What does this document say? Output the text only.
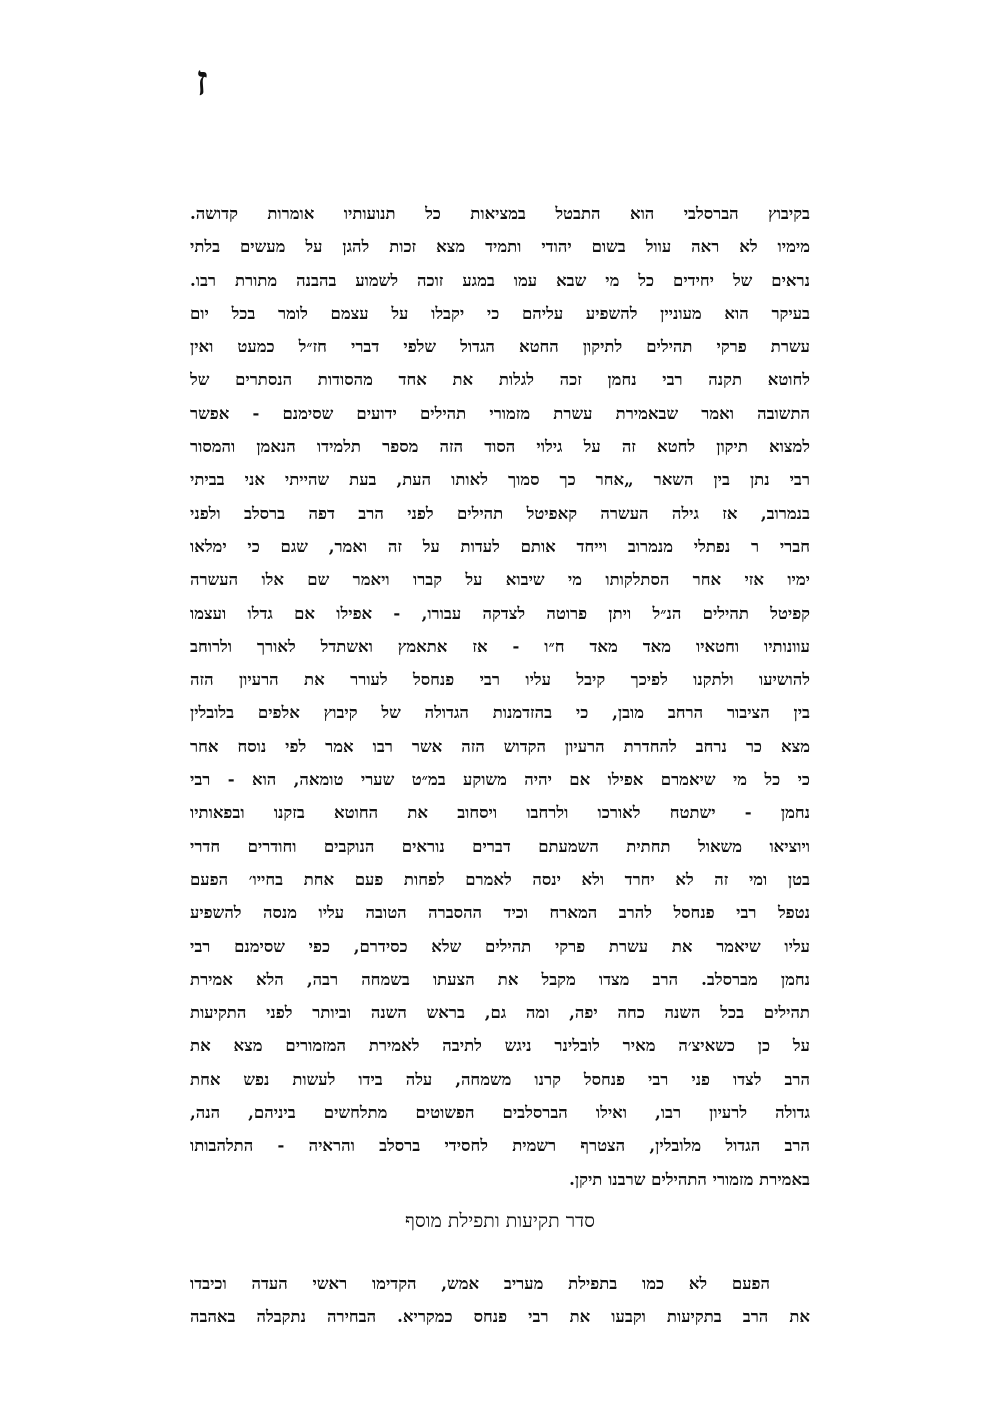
ז
בקיבוץ הברסלבי הוא התבטל במציאות כל תנועותיו אומרות קדושה.
מימיו לא ראה עוול בשום יהודי ותמיד מצא זכות להגן על מעשים בלתי
נראים של יחידים כל מי שבא עמו במגע זוכה לשמוע בהבנה מתורת רבו.
בעיקר הוא מעוניין להשפיע עליהם כי יקבלו על עצמם לומר בכל יום
עשרת פרקי תהילים לתיקון החטא הגדול שלפי דברי חז״ל כמעט ואין
לחוטא תקנה רבי נחמן זכה לגלות את אחד מהסודות הנסתרים של
התשובה ואמר שבאמירת עשרת מזמורי תהילים ידועים שסימנם - אפשר
למצוא תיקון לחטא זה על גילוי הסוד הזה מספר תלמידו הנאמן והמסור
רבי נתן בין השאר „אחר כך סמוך לאותו העת, בעת שהייתי אני בביתי
בנמרוב, אז גילה העשרה קאפיטל תהילים לפני הרב דפה ברסלב ולפני
חברי ר נפתלי מנמרוב וייחד אותם לעדות על זה ואמר, שגם כי ימלאו
ימיו אזי אחר הסתלקותו מי שיבוא על קברו ויאמר שם אלו העשרה
קפיטל תהילים הנ״ל ויתן פרוטה לצדקה עבורו, - אפילו אם גדלו ועצמו
עוונותיו וחטאיו מאד מאד ח״ו - אז אתאמץ ואשתדל לאורך ולרוחב
להושיעו ולתקנו לפיכך קיבל עליו רבי פנחסל לעורר את הרעיון הזה
בין הציבור הרחב מובן, כי בהזדמנות הגדולה של קיבוץ אלפים בלובלין
מצא כר נרחב להחדרת הרעיון הקדוש הזה אשר רבו אמר לפי נוסח אחר
כי כל מי שיאמרם אפילו אם יהיה משוקע במ״ט שערי טומאה, הוא - רבי
נחמן - ישתטח לאורכו ולרחבו ויסחוב את החוטא בזקנו ובפאותיו
ויוציאו משאול תחתית השמעתם דברים נוראים הנוקבים וחודרים חדרי
בטן ומי זה לא יחרד ולא ינסה לאמרם לפחות פעם אחת בחייו׳ הפעם
נטפל רבי פנחסל להרב המארח וכיד ההסברה הטובה עליו מנסה להשפיע
עליו שיאמר את עשרת פרקי תהילים שלא כסידרם, כפי שסימנם רבי
נחמן מברסלב. הרב מצדו מקבל את הצעתו בשמחה רבה, הלא אמירת
תהילים בכל השנה כחה יפה, ומה גם, בראש השנה וביותר לפני התקיעות
על כן כשאיצ׳ה מאיר לובלינר ניגש לתיבה לאמירת המזמורים מצא את
הרב לצדו פני רבי פנחסל קרנו משמחה, עלה בידו לעשות נפש אחת
גדולה לרעיון רבו, ואילו הברסלבים הפשוטים מתלחשים ביניהם, הנה,
הרב הגדול מלובלין, הצטרף רשמית לחסידי ברסלב והראיה - התלהבותו
באמירת מזמורי התהילים שרבנו תיקן.
סדר תקיעות ותפילת מוסף
הפעם לא כמו בתפילת מעריב אמש, הקדימו ראשי העדה וכיבדו
את הרב בתקיעות וקבעו את רבי פנחס כמקריא. הבחירה נתקבלה באהבה
